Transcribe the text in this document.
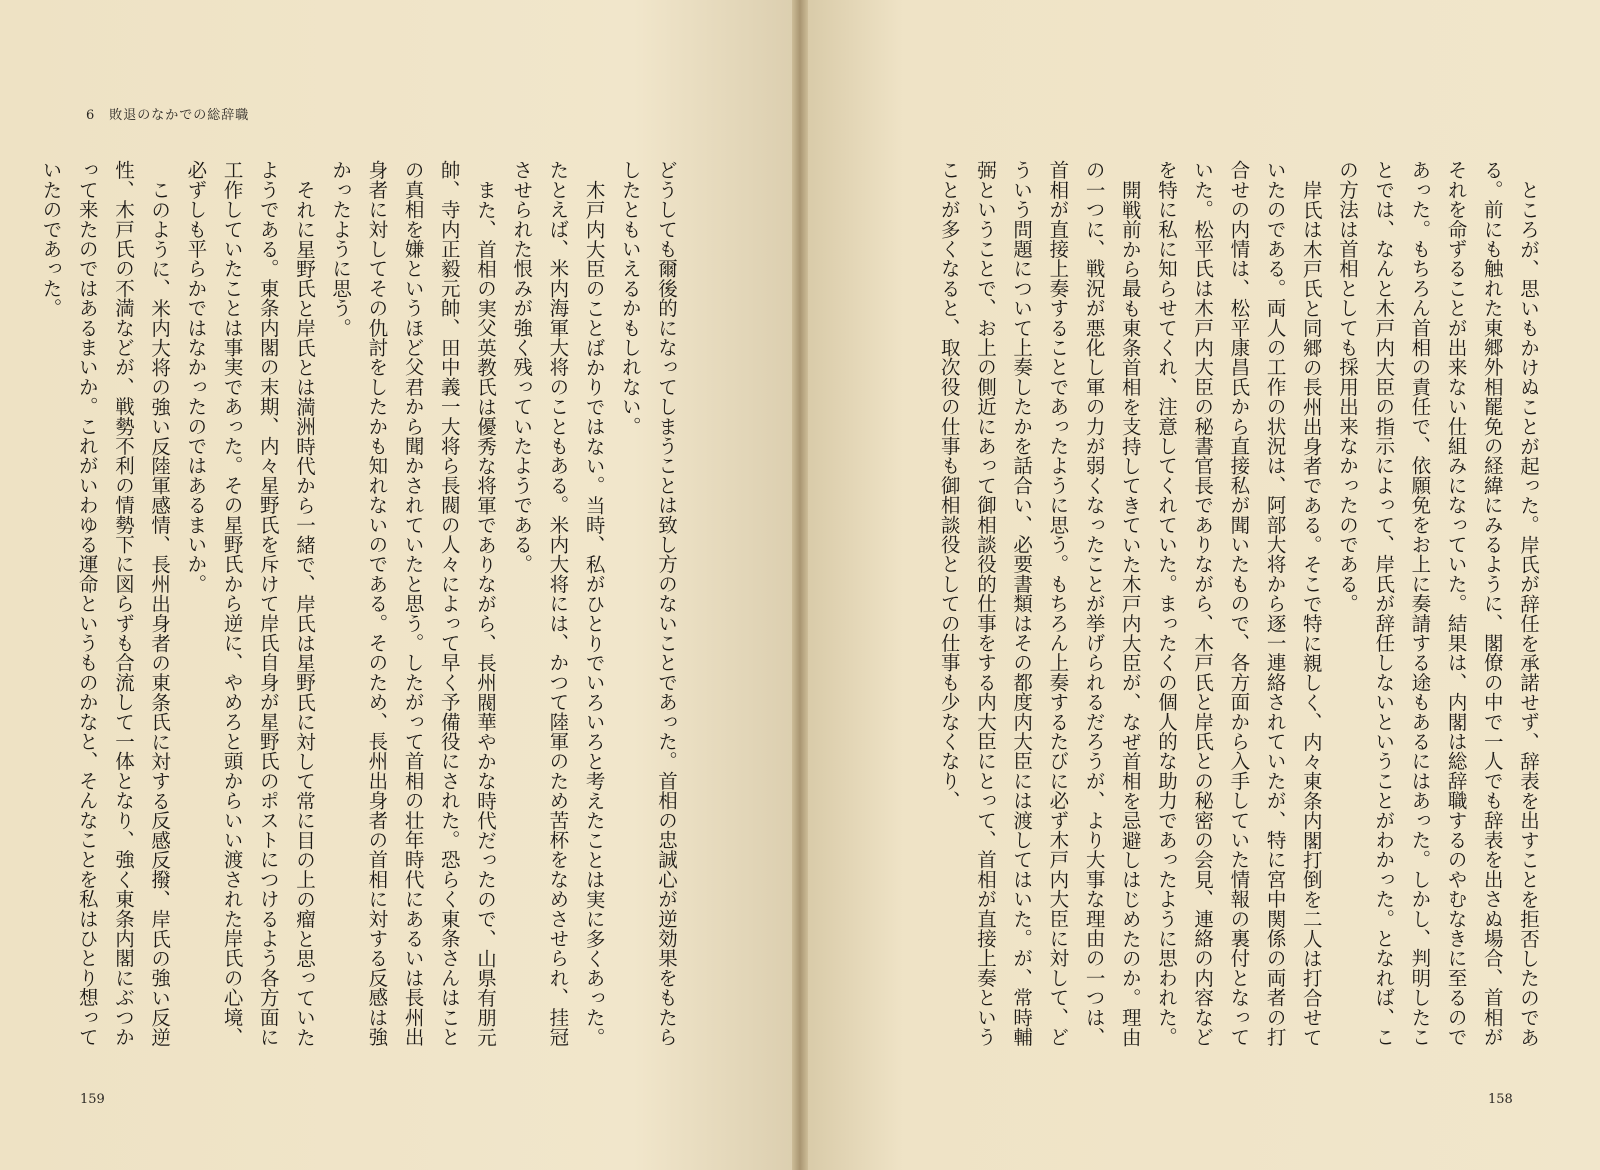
ところが、思いもかけぬことが起った。岸氏が辞任を承諾せず、辞表を出すことを拒否したのである。前にも触れた東郷外相罷免の経緯にみるように、閣僚の中で一人でも辞表を出さぬ場合、首相がそれを命ずることが出来ない仕組みになっていた。結果は、内閣は総辞職するのやむなきに至るのであった。もちろん首相の責任で、依願免をお上に奏請する途もあるにはあった。しかし、判明したことでは、なんと木戸内大臣の指示によって、岸氏が辞任しないということがわかった。となれば、この方法は首相としても採用出来なかったのである。

岸氏は木戸氏と同郷の長州出身者である。そこで特に親しく、内々東条内閣打倒を二人は打合せていたのである。両人の工作の状況は、阿部大将から逐一連絡されていたが、特に宮中関係の両者の打合せの内情は、松平康昌氏から直接私が聞いたもので、各方面から入手していた情報の裏付となっていた。松平氏は木戸内大臣の秘書官長でありながら、木戸氏と岸氏との秘密の会見、連絡の内容などを特に私に知らせてくれ、注意してくれていた。まったくの個人的な助力であったように思われた。

開戦前から最も東条首相を支持してきていた木戸内大臣が、なぜ首相を忌避しはじめたのか。理由の一つに、戦況が悪化し軍の力が弱くなったことが挙げられるだろうが、より大事な理由の一つは、首相が直接上奏することであったように思う。もちろん上奏するたびに必ず木戸内大臣に対して、どういう問題について上奏したかを話合い、必要書類はその都度内大臣には渡してはいた。が、常時輔弼ということで、お上の側近にあって御相談役的仕事をする内大臣にとって、首相が直接上奏ということが多くなると、取次役の仕事も御相談役としての仕事も少なくなり、

158
6　敗退のなかでの総辞職

どうしても爾後的になってしまうことは致し方のないことであった。首相の忠誠心が逆効果をもたらしたともいえるかもしれない。

木戸内大臣のことばかりではない。当時、私がひとりでいろいろと考えたことは実に多くあった。たとえば、米内海軍大将のこともある。米内大将には、かつて陸軍のため苦杯をなめさせられ、挂冠させられた恨みが強く残っていたようである。

また、首相の実父英教氏は優秀な将軍でありながら、長州閥華やかな時代だったので、山県有朋元帥、寺内正毅元帥、田中義一大将ら長閥の人々によって早く予備役にされた。恐らく東条さんはことの真相を嫌というほど父君から聞かされていたと思う。したがって首相の壮年時代にあるいは長州出身者に対してその仇討をしたかも知れないのである。そのため、長州出身者の首相に対する反感は強かったように思う。

それに星野氏と岸氏とは満洲時代から一緒で、岸氏は星野氏に対して常に目の上の瘤と思っていたようである。東条内閣の末期、内々星野氏を斥けて岸氏自身が星野氏のポストにつけるよう各方面に工作していたことは事実であった。その星野氏から逆に、やめろと頭からいい渡された岸氏の心境、必ずしも平らかではなかったのではあるまいか。

このように、米内大将の強い反陸軍感情、長州出身者の東条氏に対する反感反撥、岸氏の強い反逆性、木戸氏の不満などが、戦勢不利の情勢下に図らずも合流して一体となり、強く東条内閣にぶつかって来たのではあるまいか。これがいわゆる運命というものかなと、そんなことを私はひとり想っていたのであった。

159
